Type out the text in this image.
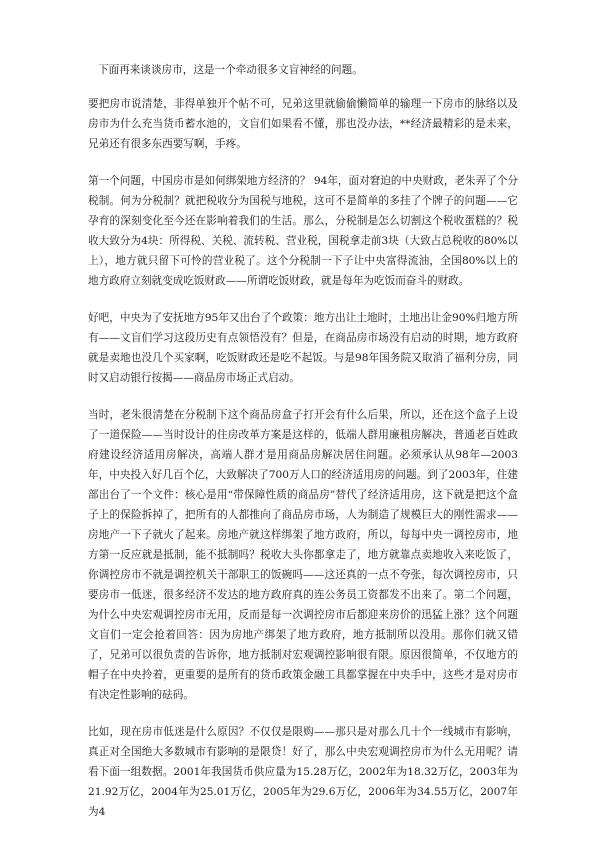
下面再来谈谈房市，这是一个牵动很多文盲神经的问题。

要把房市说清楚，非得单独开个帖不可，兄弟这里就偷偷懒简单的输理一下房市的脉络以及房市为什么充当货币蓄水池的，文盲们如果看不懂，那也没办法，**经济最精彩的是未来，兄弟还有很多东西要写啊，手疼。

第一个问题，中国房市是如何绑架地方经济的？ 94年，面对窘迫的中央财政，老朱弄了个分税制。何为分税制？就把税收分为国税与地税，这可不是简单的多挂了个牌子的问题——它孕育的深刻变化至今还在影响着我们的生活。那么，分税制是怎么切割这个税收蛋糕的？税收大致分为4块：所得税、关税、流转税、营业税，国税拿走前3块（大致占总税收的80%以上），地方就只留下可怜的营业税了。这个分税制一下子让中央富得流油，全国80%以上的地方政府立刻就变成吃饭财政——所谓吃饭财政，就是每年为吃饭而奋斗的财政。

好吧，中央为了安抚地方95年又出台了个政策：地方出让土地时，土地出让金90%归地方所有——文盲们学习这段历史有点领悟没有？但是，在商品房市场没有启动的时期，地方政府就是卖地也没几个买家啊，吃饭财政还是吃不起饭。与是98年国务院又取消了福利分房，同时又启动银行按揭——商品房市场正式启动。

当时，老朱很清楚在分税制下这个商品房盒子打开会有什么后果，所以，还在这个盒子上设了一道保险——当时设计的住房改革方案是这样的，低端人群用廉租房解决，普通老百姓政府建设经济适用房解决，高端人群才是用商品房解决居住问题。必须承认从98年—2003年，中央投入好几百个亿，大致解决了700万人口的经济适用房的问题。到了2003年，住建部出台了一个文件：核心是用“带保障性质的商品房”替代了经济适用房，这下就是把这个盒子上的保险拆掉了，把所有的人都推向了商品房市场，人为制造了规模巨大的刚性需求——房地产一下子就火了起来。房地产就这样绑架了地方政府，所以，每每中央一调控房市，地方第一反应就是抵制，能不抵制吗？税收大头你都拿走了，地方就靠点卖地收入来吃饭了，你调控房市不就是调控机关干部职工的饭碗吗——这还真的一点不夸张，每次调控房市，只要房市一低迷，很多经济不发达的地方政府真的连公务员工资都发不出来了。第二个问题，为什么中央宏观调控房市无用，反而是每一次调控房市后都迎来房价的迅猛上涨？这个问题文盲们一定会抢着回答：因为房地产绑架了地方政府，地方抵制所以没用。那你们就又错了，兄弟可以很负责的告诉你，地方抵制对宏观调控影响很有限。原因很简单，不仅地方的帽子在中央拎着，更重要的是所有的货币政策金融工具都掌握在中央手中，这些才是对房市有决定性影响的砝码。

比如，现在房市低迷是什么原因？不仅仅是限购——那只是对那么几十个一线城市有影响，真正对全国绝大多数城市有影响的是限贷！好了，那么中央宏观调控房市为什么无用呢？请看下面一组数据。2001年我国货币供应量为15.28万亿，2002年为18.32万亿，2003年为21.92万亿，2004年为25.01万亿，2005年为29.6万亿，2006年为34.55万亿，2007年为4
